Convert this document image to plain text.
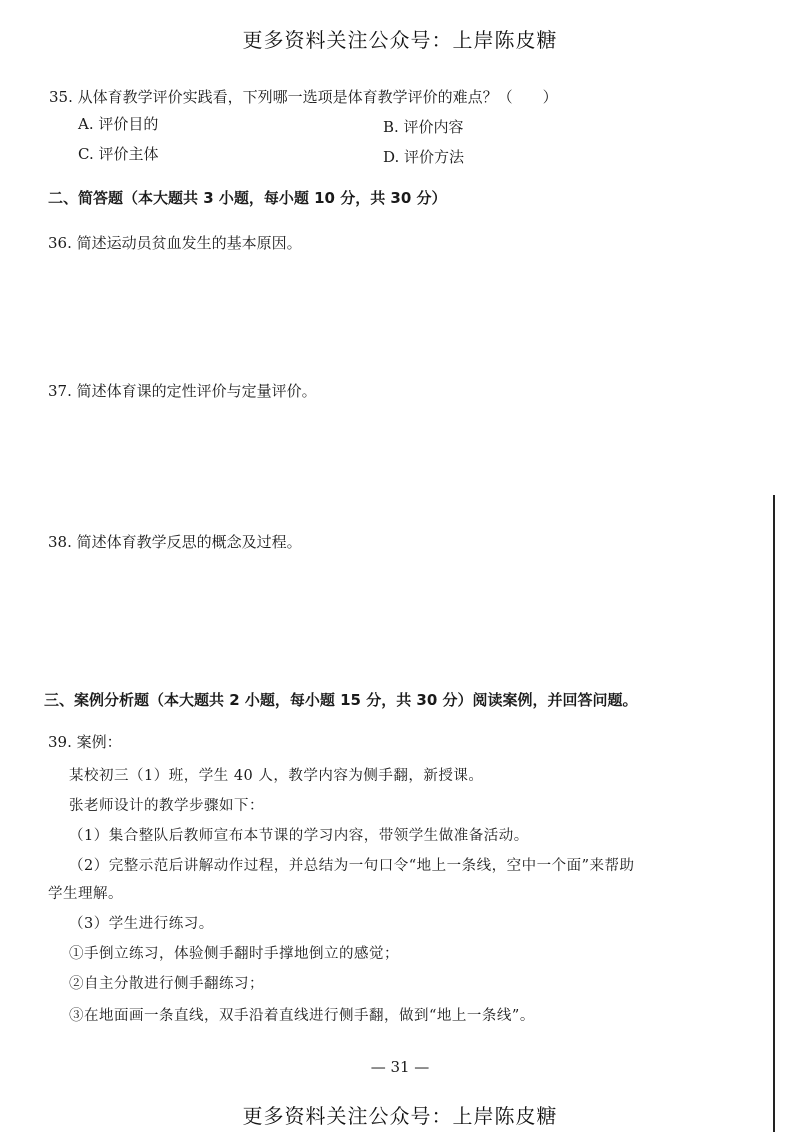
更多资料关注公众号：上岸陈皮糖
35. 从体育教学评价实践看，下列哪一选项是体育教学评价的难点？（　　）
A. 评价目的	B. 评价内容
C. 评价主体	D. 评价方法
二、简答题（本大题共 3 小题，每小题 10 分，共 30 分）
36. 简述运动员贫血发生的基本原因。
37. 简述体育课的定性评价与定量评价。
38. 简述体育教学反思的概念及过程。
三、案例分析题（本大题共 2 小题，每小题 15 分，共 30 分）阅读案例，并回答问题。
39. 案例：
某校初三（1）班，学生 40 人，教学内容为侧手翻，新授课。
张老师设计的教学步骤如下：
（1）集合整队后教师宣布本节课的学习内容，带领学生做准备活动。
（2）完整示范后讲解动作过程，并总结为一句口令“地上一条线，空中一个面”来帮助
学生理解。
（3）学生进行练习。
①手倒立练习，体验侧手翻时手撑地倒立的感觉；
②自主分散进行侧手翻练习；
③在地面画一条直线，双手沿着直线进行侧手翻，做到“地上一条线”。
— 31 —
更多资料关注公众号：上岸陈皮糖
